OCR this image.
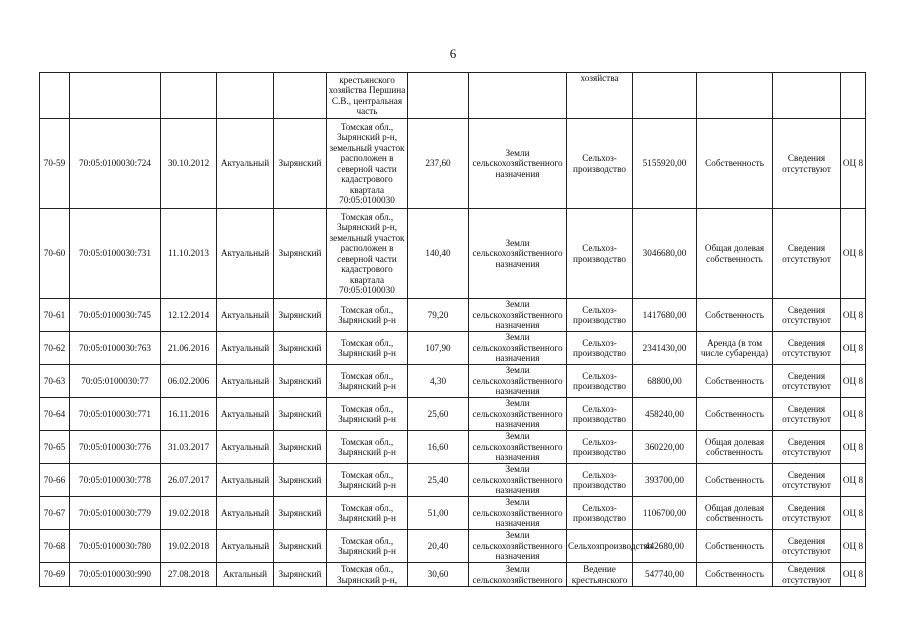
6
					крестьянского хозяйства Першина С.В., центральная часть			хозяйства				
70-59	70:05:0100030:724	30.10.2012	Актуальный	Зырянский	Томская обл., Зырянский р-н, земельный участок расположен в северной части кадастрового квартала 70:05:0100030	237,60	Земли сельскохозяйственного назначения	Сельхоз-производство	5155920,00	Собственность	Сведения отсутствуют	ОЦ 8
70-60	70:05:0100030:731	11.10.2013	Актуальный	Зырянский	Томская обл., Зырянский р-н, земельный участок расположен в северной части кадастрового квартала 70:05:0100030	140,40	Земли сельскохозяйственного назначения	Сельхоз-производство	3046680,00	Общая долевая собственность	Сведения отсутствуют	ОЦ 8
70-61	70:05:0100030:745	12.12.2014	Актуальный	Зырянский	Томская обл., Зырянский р-н	79,20	Земли сельскохозяйственного назначения	Сельхоз-производство	1417680,00	Собственность	Сведения отсутствуют	ОЦ 8
70-62	70:05:0100030:763	21.06.2016	Актуальный	Зырянский	Томская обл., Зырянский р-н	107,90	Земли сельскохозяйственного назначения	Сельхоз-производство	2341430,00	Аренда (в том числе субаренда)	Сведения отсутствуют	ОЦ 8
70-63	70:05:0100030:77	06.02.2006	Актуальный	Зырянский	Томская обл., Зырянский р-н	4,30	Земли сельскохозяйственного назначения	Сельхоз-производство	68800,00	Собственность	Сведения отсутствуют	ОЦ 8
70-64	70:05:0100030:771	16.11.2016	Актуальный	Зырянский	Томская обл., Зырянский р-н	25,60	Земли сельскохозяйственного назначения	Сельхоз-производство	458240,00	Собственность	Сведения отсутствуют	ОЦ 8
70-65	70:05:0100030:776	31.03.2017	Актуальный	Зырянский	Томская обл., Зырянский р-н	16,60	Земли сельскохозяйственного назначения	Сельхоз-производство	360220,00	Общая долевая собственность	Сведения отсутствуют	ОЦ 8
70-66	70:05:0100030:778	26.07.2017	Актуальный	Зырянский	Томская обл., Зырянский р-н	25,40	Земли сельскохозяйственного назначения	Сельхоз-производство	393700,00	Собственность	Сведения отсутствуют	ОЦ 8
70-67	70:05:0100030:779	19.02.2018	Актуальный	Зырянский	Томская обл., Зырянский р-н	51,00	Земли сельскохозяйственного назначения	Сельхоз-производство	1106700,00	Общая долевая собственность	Сведения отсутствуют	ОЦ 8
70-68	70:05:0100030:780	19.02.2018	Актуальный	Зырянский	Томская обл., Зырянский р-н	20,40	Земли сельскохозяйственного назначения	Сельхозпроизводство	442680,00	Собственность	Сведения отсутствуют	ОЦ 8
70-69	70:05:0100030:990	27.08.2018	Актальный	Зырянский	Томская обл., Зырянский р-н,	30,60	Земли сельскохозяйственного	Ведение крестьянского	547740,00	Собственность	Сведения отсутствуют	ОЦ 8
